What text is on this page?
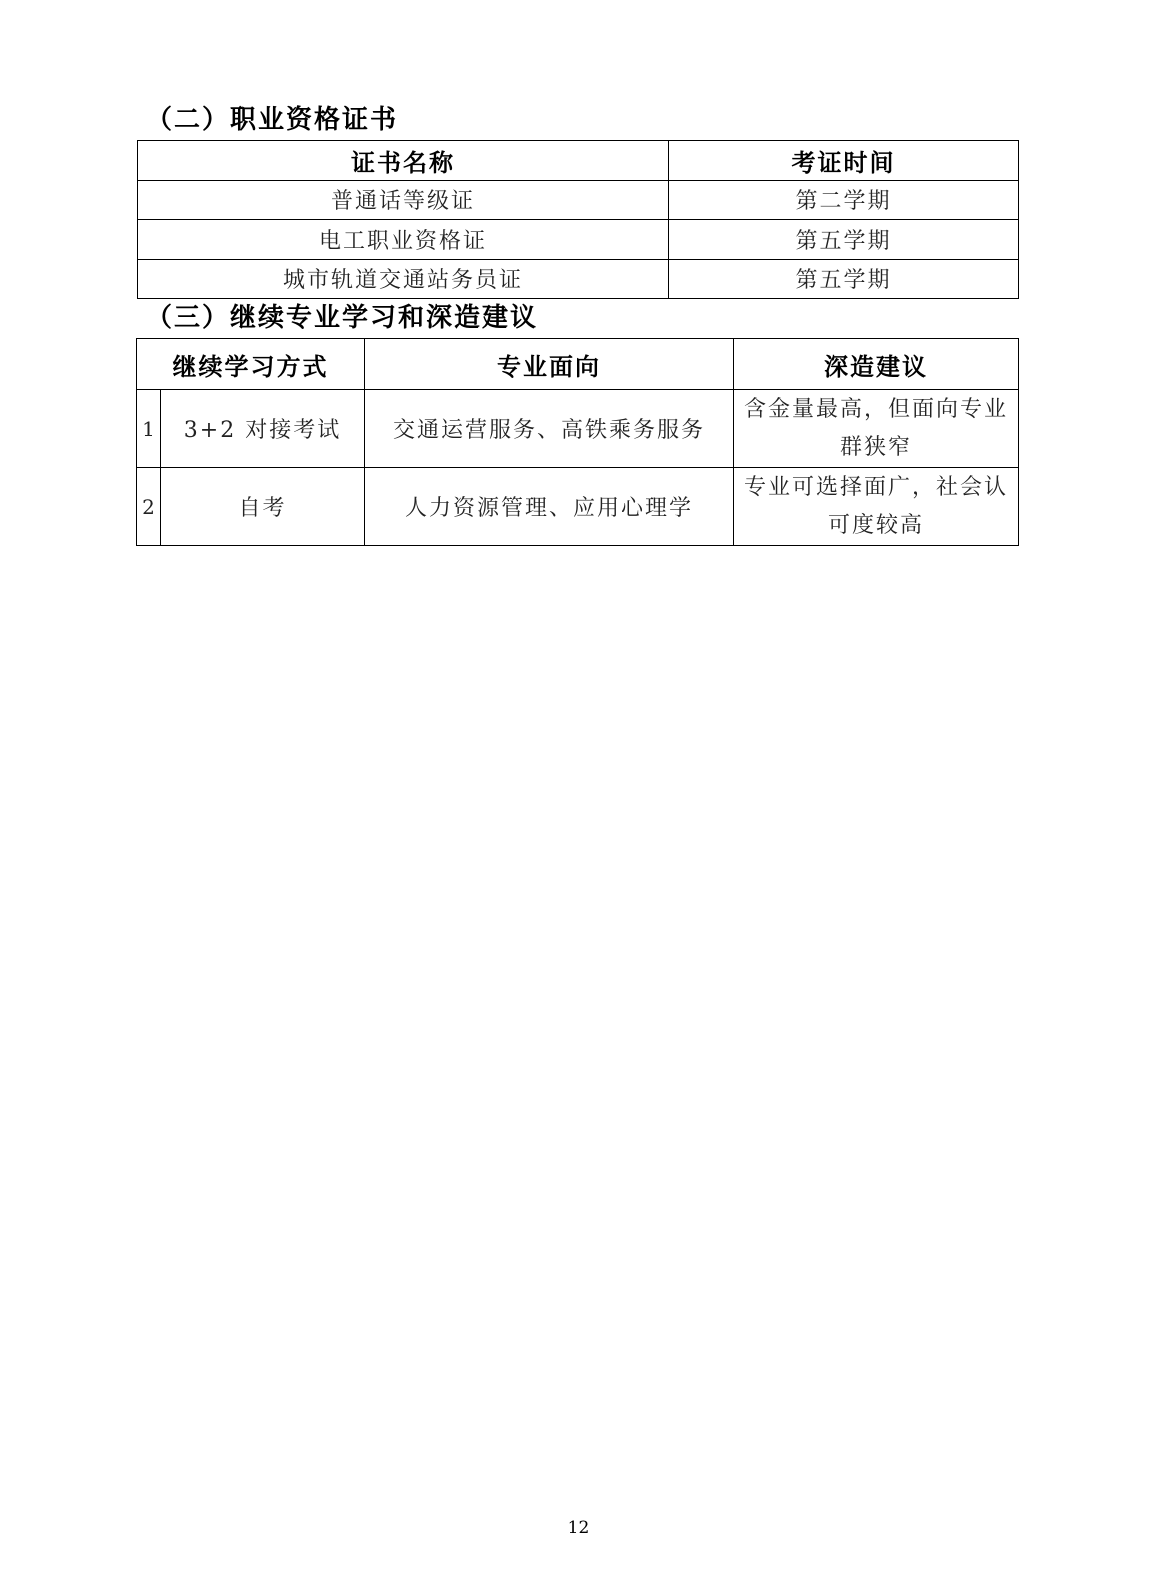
（二）职业资格证书
证书名称	考证时间
普通话等级证	第二学期
电工职业资格证	第五学期
城市轨道交通站务员证	第五学期
（三）继续专业学习和深造建议
继续学习方式		专业面向	深造建议
1	3+2 对接考试	交通运营服务、高铁乘务服务	含金量最高，但面向专业群狭窄
2	自考	人力资源管理、应用心理学	专业可选择面广，社会认可度较高
12
